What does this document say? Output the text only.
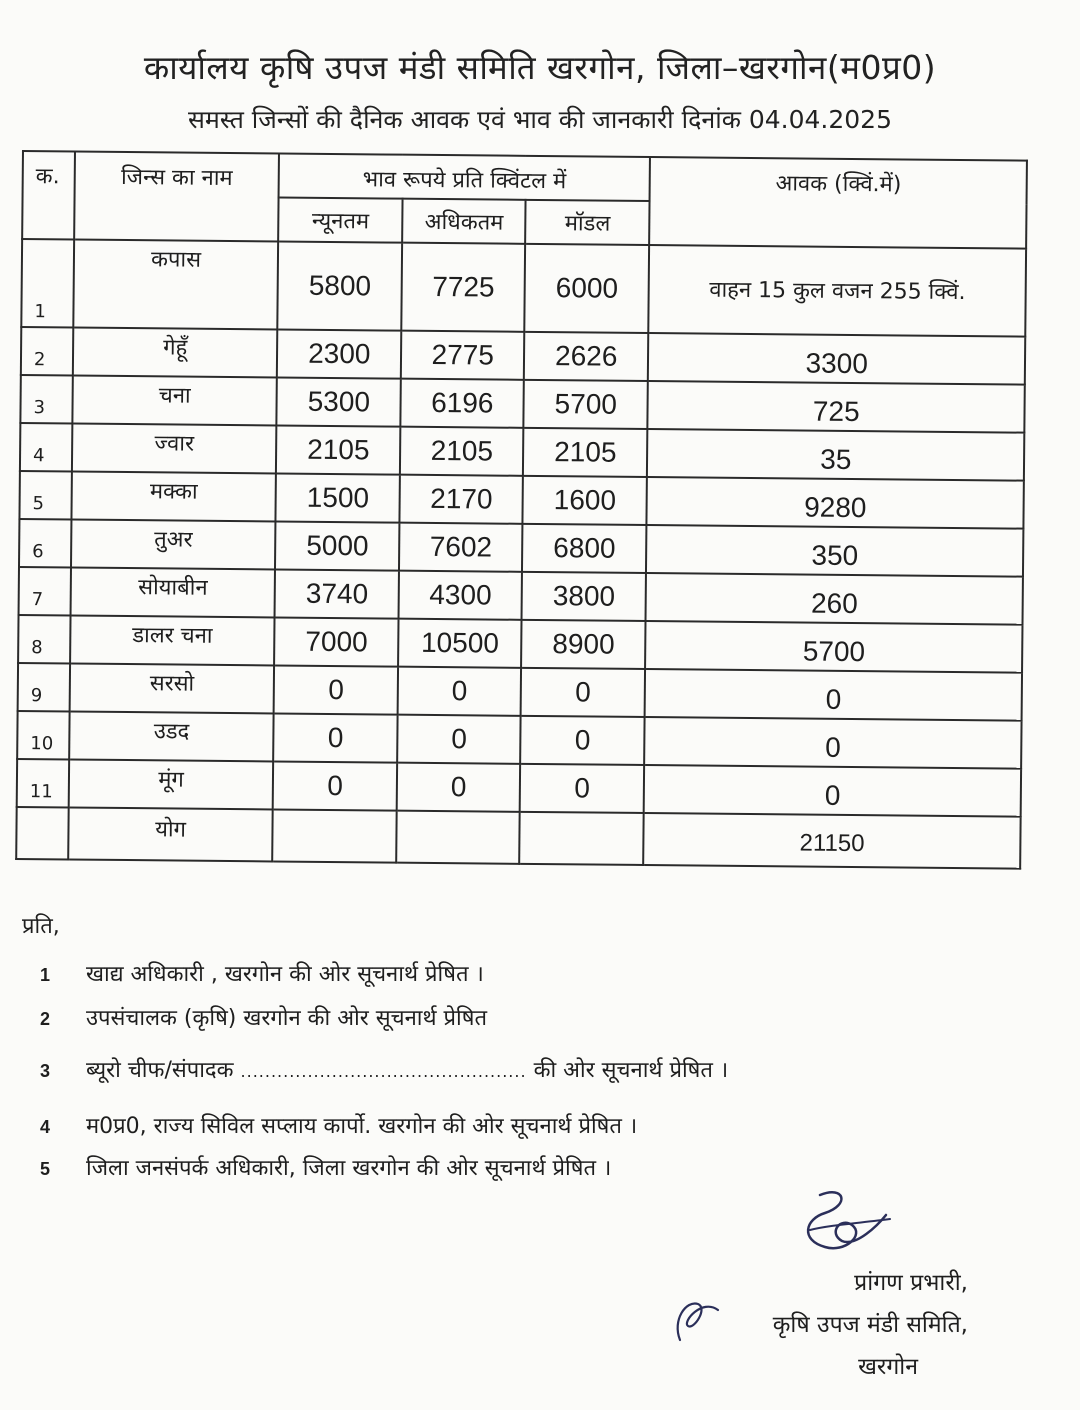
कार्यालय कृषि उपज मंडी समिति खरगोन, जिला–खरगोन(म0प्र0)
समस्त जिन्सों की दैनिक आवक एवं भाव की जानकारी दिनांक 04.04.2025
क.	जिन्स का नाम	भाव रूपये प्रति क्विंटल में			आवक (क्विं.में)
		न्यूनतम	अधिकतम	मॉडल	
1	कपास	5800	7725	6000	वाहन 15 कुल वजन 255 क्विं.
2	गेहूँ	2300	2775	2626	3300
3	चना	5300	6196	5700	725
4	ज्वार	2105	2105	2105	35
5	मक्का	1500	2170	1600	9280
6	तुअर	5000	7602	6800	350
7	सोयाबीन	3740	4300	3800	260
8	डालर चना	7000	10500	8900	5700
9	सरसो	0	0	0	0
10	उडद	0	0	0	0
11	मूंग	0	0	0	0
	योग				21150
प्रति,
1 खाद्य अधिकारी , खरगोन की ओर सूचनार्थ प्रेषित ।
2 उपसंचालक (कृषि) खरगोन की ओर सूचनार्थ प्रेषित
3 ब्यूरो चीफ/संपादक ............................................... की ओर सूचनार्थ प्रेषित ।
4 म0प्र0, राज्य सिविल सप्लाय कार्पो. खरगोन की ओर सूचनार्थ प्रेषित ।
5 जिला जनसंपर्क अधिकारी, जिला खरगोन की ओर सूचनार्थ प्रेषित ।
प्रांगण प्रभारी,
कृषि उपज मंडी समिति,
खरगोन
